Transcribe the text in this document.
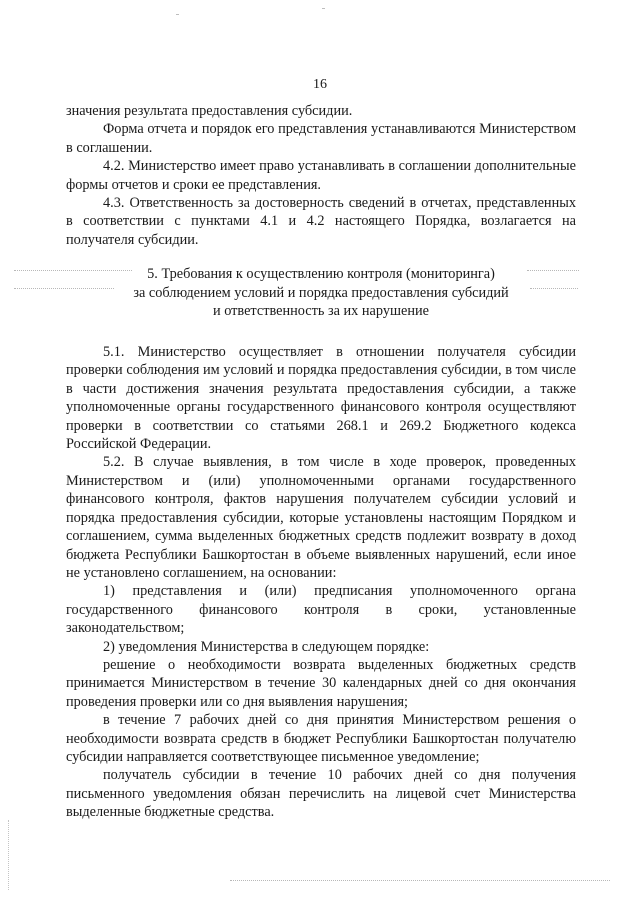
16

значения результата предоставления субсидии.

Форма отчета и порядок его представления устанавливаются Министерством в соглашении.

4.2. Министерство имеет право устанавливать в соглашении дополнительные формы отчетов и сроки ее представления.

4.3. Ответственность за достоверность сведений в отчетах, представленных в соответствии с пунктами 4.1 и 4.2 настоящего Порядка, возлагается на получателя субсидии.

5. Требования к осуществлению контроля (мониторинга)
за соблюдением условий и порядка предоставления субсидий
и ответственность за их нарушение

5.1. Министерство осуществляет в отношении получателя субсидии проверки соблюдения им условий и порядка предоставления субсидии, в том числе в части достижения значения результата предоставления субсидии, а также уполномоченные органы государственного финансового контроля осуществляют проверки в соответствии со статьями 268.1 и 269.2 Бюджетного кодекса Российской Федерации.

5.2. В случае выявления, в том числе в ходе проверок, проведенных Министерством и (или) уполномоченными органами государственного финансового контроля, фактов нарушения получателем субсидии условий и порядка предоставления субсидии, которые установлены настоящим Порядком и соглашением, сумма выделенных бюджетных средств подлежит возврату в доход бюджета Республики Башкортостан в объеме выявленных нарушений, если иное не установлено соглашением, на основании:

1) представления и (или) предписания уполномоченного органа государственного финансового контроля в сроки, установленные законодательством;

2) уведомления Министерства в следующем порядке:

решение о необходимости возврата выделенных бюджетных средств принимается Министерством в течение 30 календарных дней со дня окончания проведения проверки или со дня выявления нарушения;

в течение 7 рабочих дней со дня принятия Министерством решения о необходимости возврата средств в бюджет Республики Башкортостан получателю субсидии направляется соответствующее письменное уведомление;

получатель субсидии в течение 10 рабочих дней со дня получения письменного уведомления обязан перечислить на лицевой счет Министерства выделенные бюджетные средства.
